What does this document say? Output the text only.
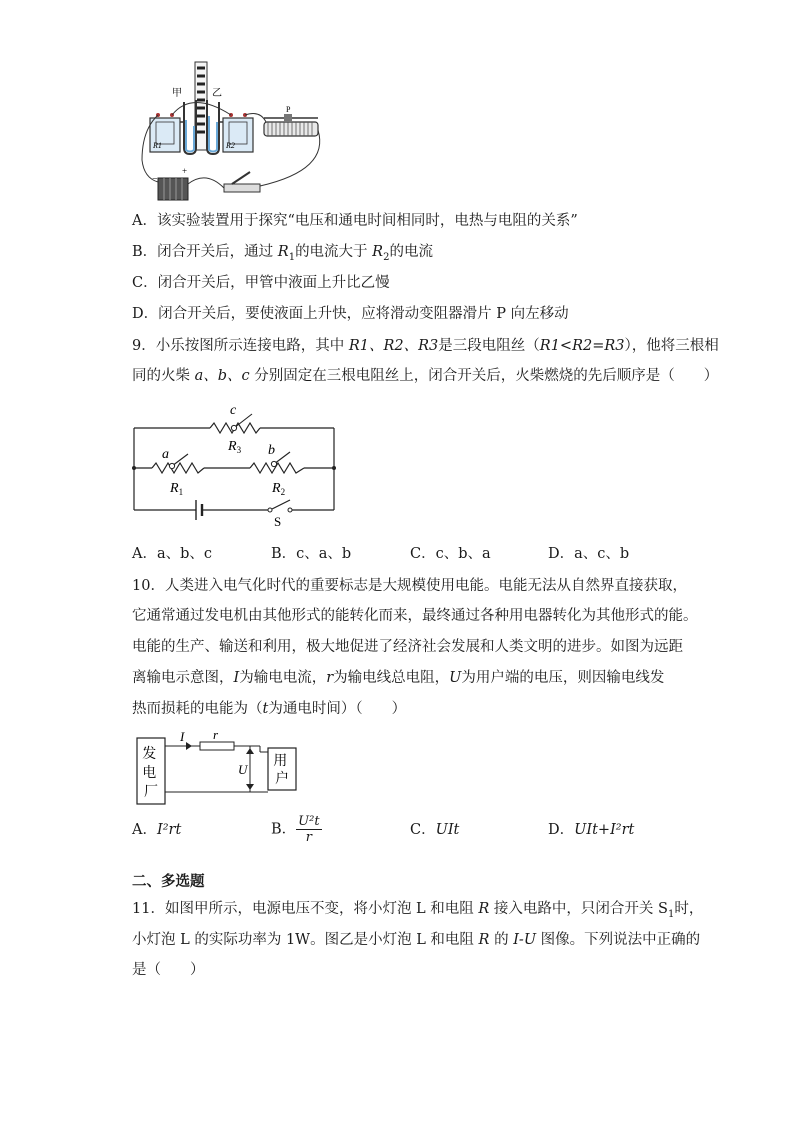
甲	乙
R1	R2
P
−
+
A．该实验装置用于探究“电压和通电时间相同时，电热与电阻的关系”
B．闭合开关后，通过 $R_1$的电流大于 $R_2$的电流
C．闭合开关后，甲管中液面上升比乙慢
D．闭合开关后，要使液面上升快，应将滑动变阻器滑片 P 向左移动
9．小乐按图所示连接电路，其中 R1、R2、R3是三段电阻丝（R1<R2=R3），他将三根相
同的火柴 a、b、c 分别固定在三根电阻丝上，闭合开关后，火柴燃烧的先后顺序是（　　）
c
a	b
$R_3$
$R_1$	$R_2$
S
A．a、b、c	B．c、a、b	C．c、b、a	D．a、c、b
10．人类进入电气化时代的重要标志是大规模使用电能。电能无法从自然界直接获取，
它通常通过发电机由其他形式的能转化而来，最终通过各种用电器转化为其他形式的能。
电能的生产、输送和利用，极大地促进了经济社会发展和人类文明的进步。如图为远距
离输电示意图，I为输电电流，r为输电线总电阻，U为用户端的电压，则因输电线发
热而损耗的电能为（t为通电时间）（　　）
发 电 厂
用 户
I r
U
A．I²rt	B． $\frac{\text{U²t}}{r}$	C．UIt	D．UIt+I²rt
二、多选题
11．如图甲所示，电源电压不变，将小灯泡 L 和电阻 R 接入电路中，只闭合开关 $S_1$时，
小灯泡 L 的实际功率为 1W。图乙是小灯泡 L 和电阻 R 的 I-U 图像。下列说法中正确的
是（　　）
